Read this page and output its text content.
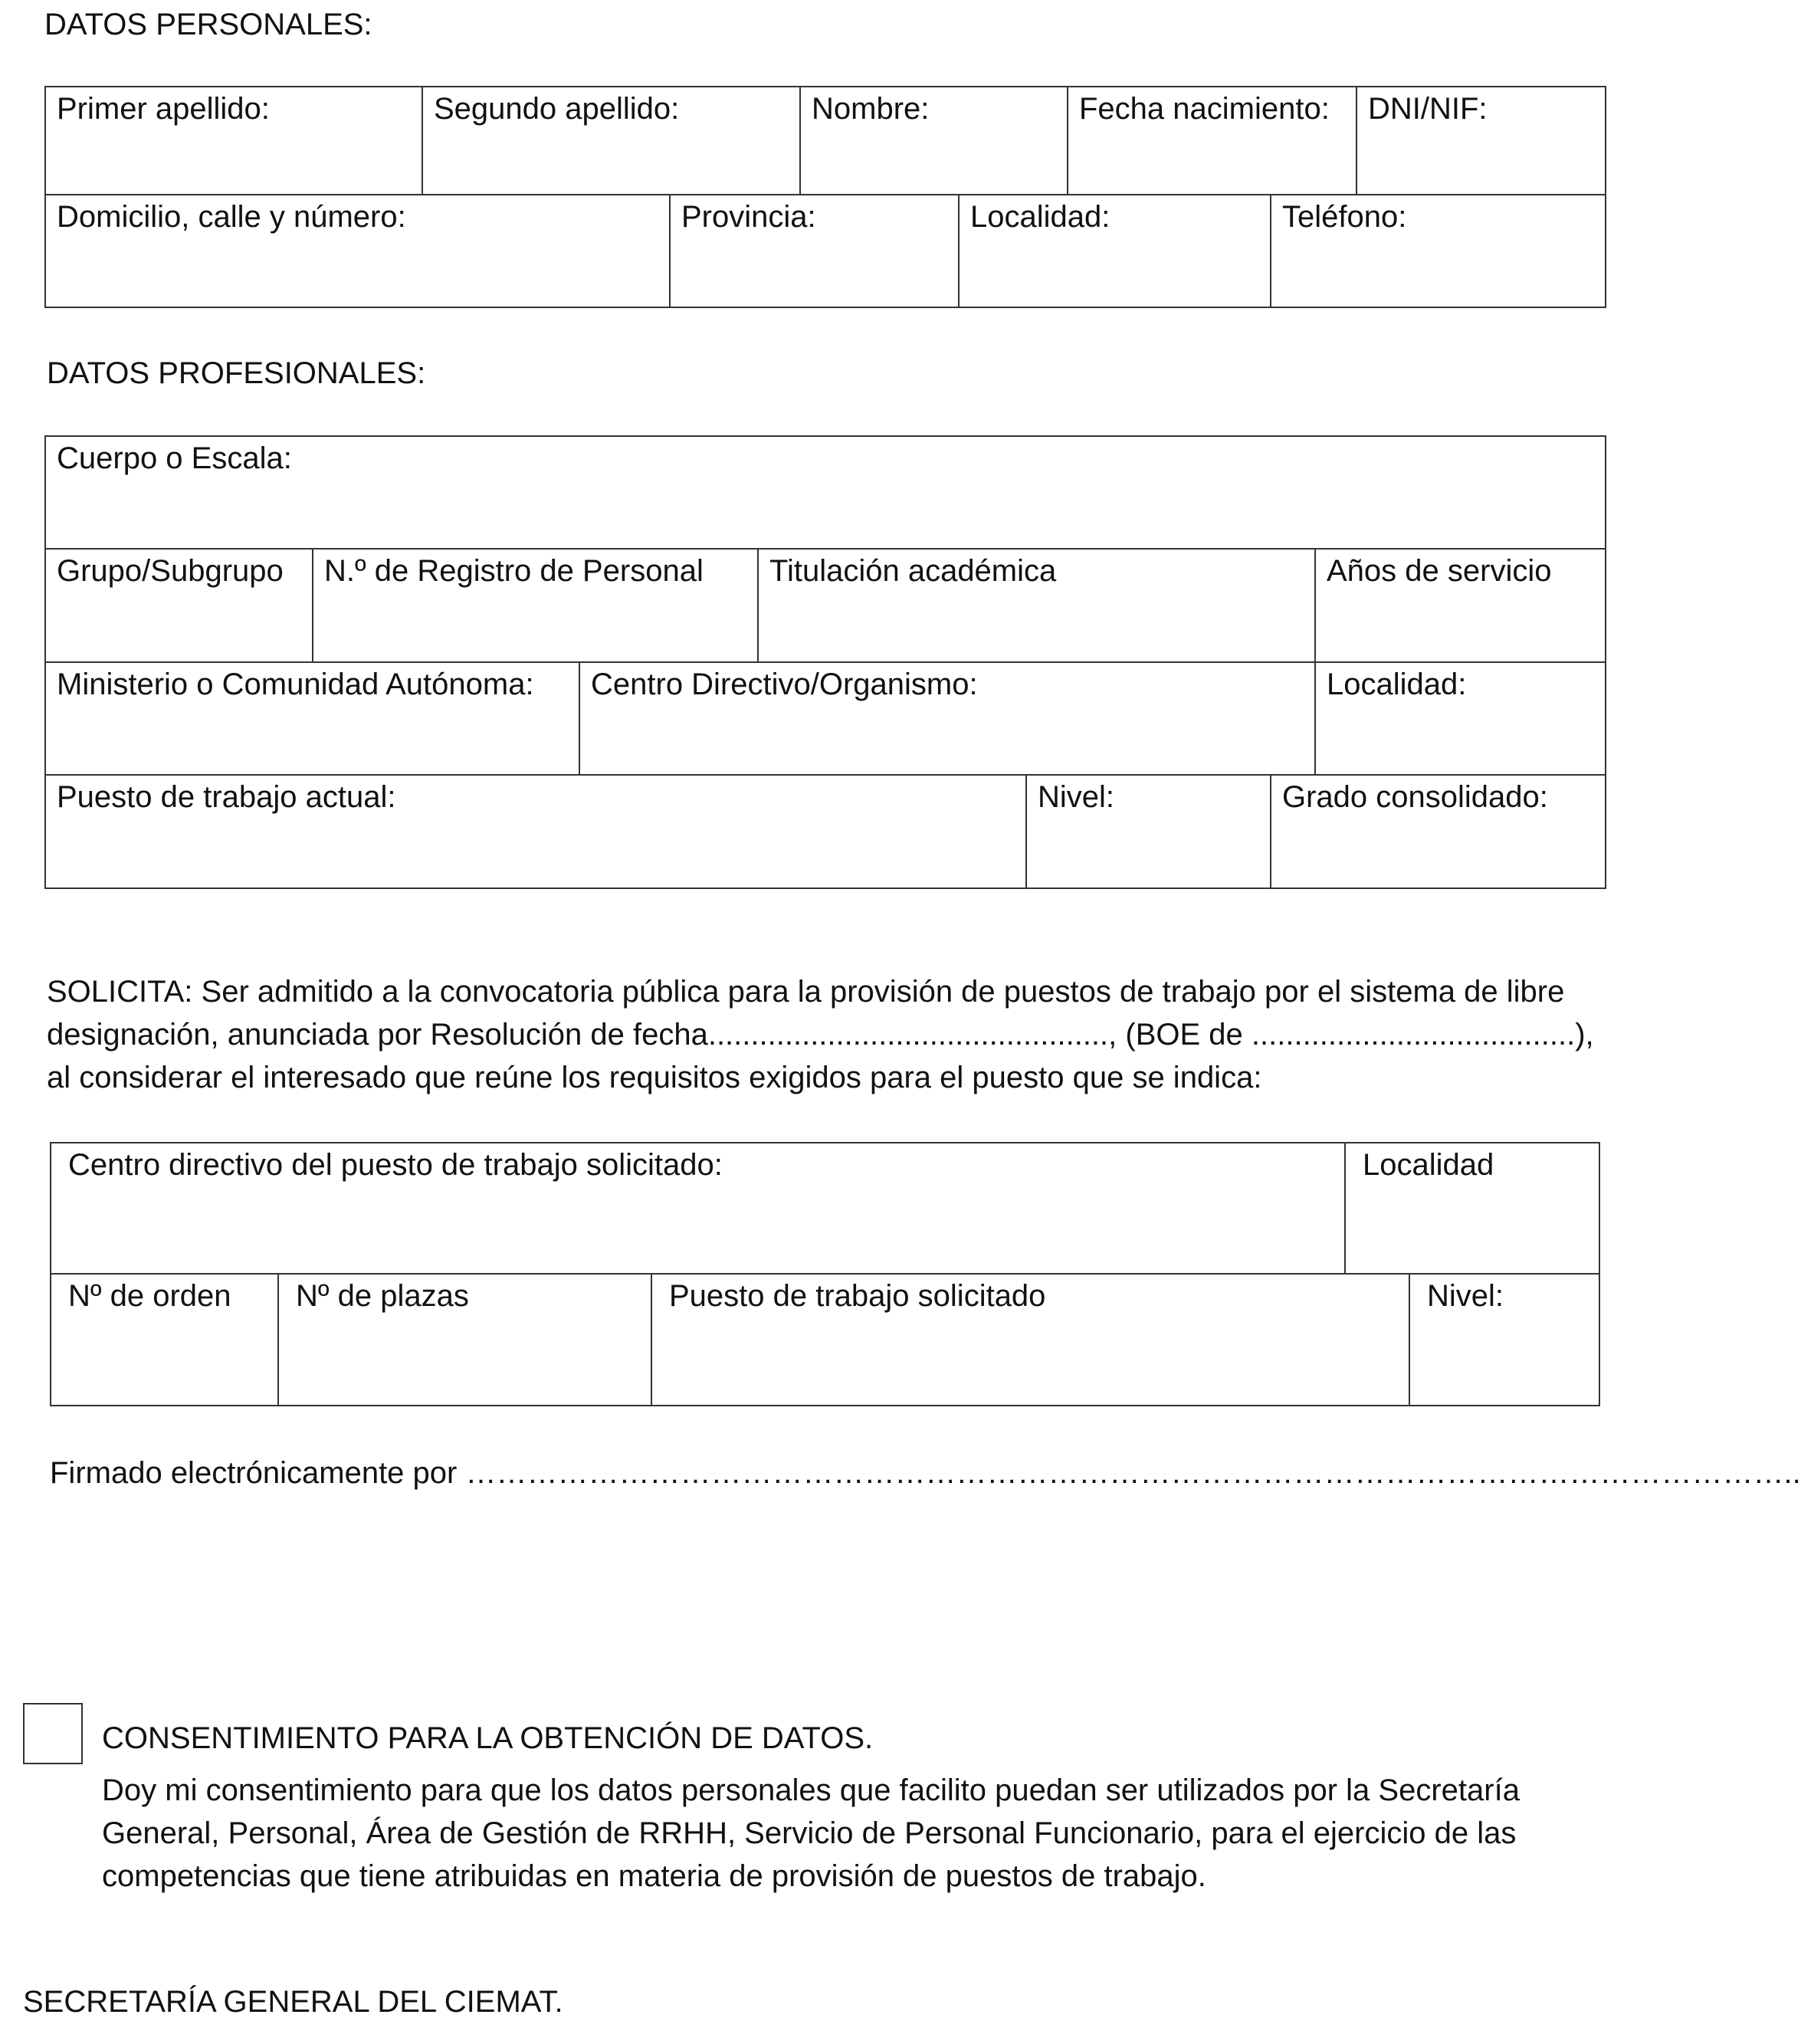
DATOS PERSONALES:
Primer apellido:	Segundo apellido:	Nombre:	Fecha nacimiento:	DNI/NIF:
Domicilio, calle y número:	Provincia:	Localidad:	Teléfono:
DATOS PROFESIONALES:
Cuerpo o Escala:
Grupo/Subgrupo	N.º de Registro de Personal	Titulación académica	Años de servicio
Ministerio o Comunidad Autónoma:	Centro Directivo/Organismo:	Localidad:
Puesto de trabajo actual:	Nivel:	Grado consolidado:
SOLICITA: Ser admitido a la convocatoria pública para la provisión de puestos de trabajo por el sistema de libre
designación, anunciada por Resolución de fecha..............................................., (BOE de ......................................),
al considerar el interesado que reúne los requisitos exigidos para el puesto que se indica:
Centro directivo del puesto de trabajo solicitado:	Localidad
Nº de orden	Nº de plazas	Puesto de trabajo solicitado	Nivel:
Firmado electrónicamente por …………………………………………………………………………………………………………………..
CONSENTIMIENTO PARA LA OBTENCIÓN DE DATOS.
Doy mi consentimiento para que los datos personales que facilito puedan ser utilizados por la Secretaría
General, Personal, Área de Gestión de RRHH, Servicio de Personal Funcionario, para el ejercicio de las
competencias que tiene atribuidas en materia de provisión de puestos de trabajo.
SECRETARÍA GENERAL DEL CIEMAT.
